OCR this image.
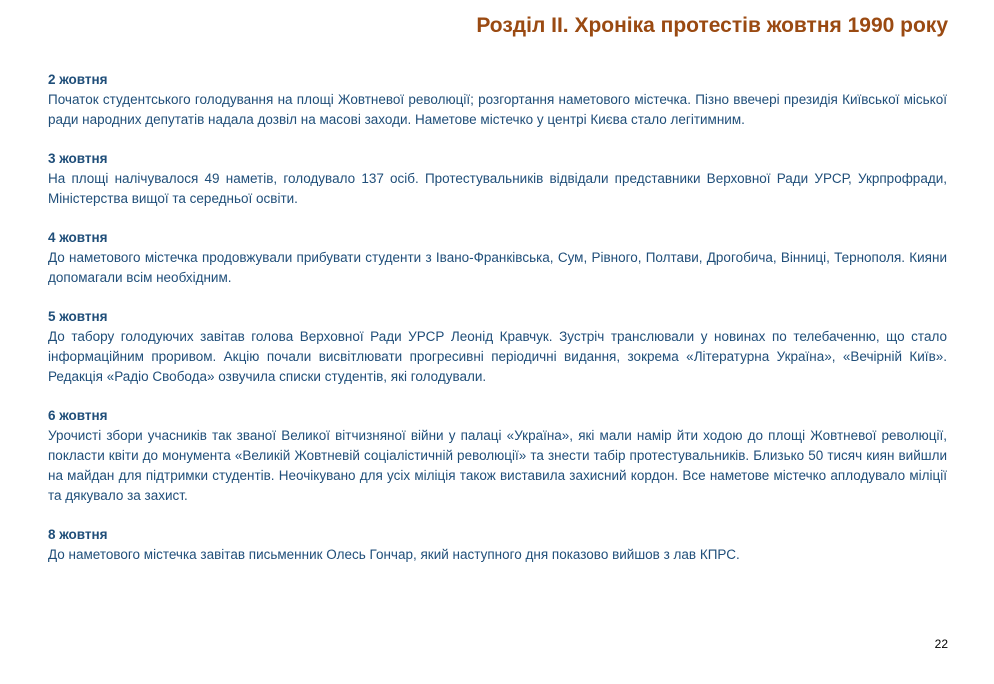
Розділ ІІ. Хроніка протестів жовтня 1990 року

2 жовтня

Початок студентського голодування на площі Жовтневої революції; розгортання наметового містечка. Пізно ввечері президія Київської міської ради народних депутатів надала дозвіл на масові заходи. Наметове містечко у центрі Києва стало легітимним.

3 жовтня

На площі налічувалося 49 наметів, голодувало 137 осіб. Протестувальників відвідали представники Верховної Ради УРСР, Укрпрофради, Міністерства вищої та середньої освіти.

4 жовтня

До наметового містечка продовжували прибувати студенти з Івано-Франківська, Сум, Рівного, Полтави, Дрогобича, Вінниці, Тернополя. Кияни допомагали всім необхідним.

5 жовтня

До табору голодуючих завітав голова Верховної Ради УРСР Леонід Кравчук. Зустріч транслювали у новинах по телебаченню, що стало інформаційним проривом. Акцію почали висвітлювати прогресивні періодичні видання, зокрема «Літературна Україна», «Вечірній Київ». Редакція «Радіо Свобода» озвучила списки студентів, які голодували.

6 жовтня

Урочисті збори учасників так званої Великої вітчизняної війни у палаці «Україна», які мали намір йти ходою до площі Жовтневої революції, покласти квіти до монумента «Великій Жовтневій соціалістичній революції» та знести табір протестувальників. Близько 50 тисяч киян вийшли на майдан для підтримки студентів. Неочікувано для усіх міліція також виставила захисний кордон. Все наметове містечко аплодувало міліції та дякувало за захист.

8 жовтня

До наметового містечка завітав письменник Олесь Гончар, який наступного дня показово вийшов з лав КПРС.

22
